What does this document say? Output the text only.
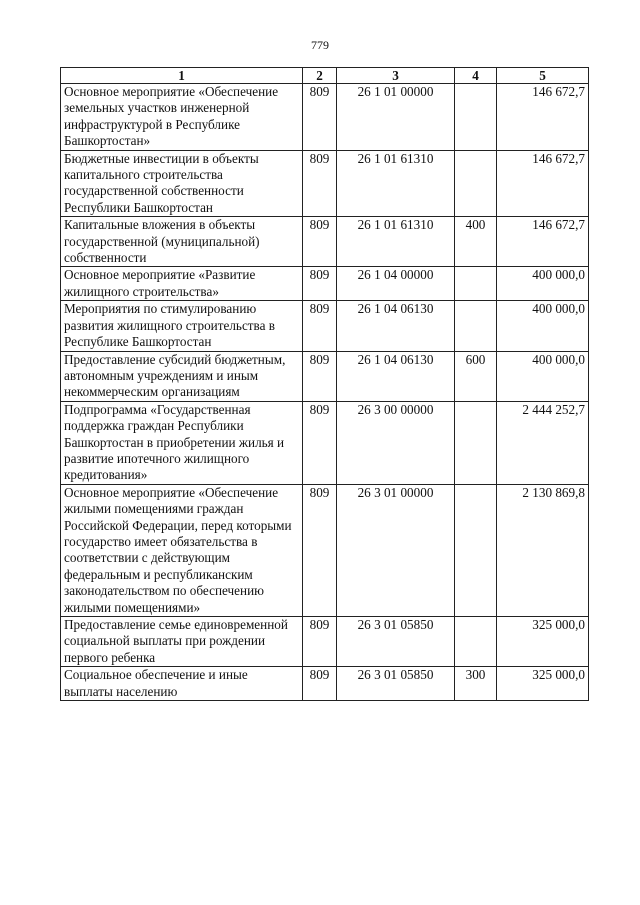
779
1	2	3	4	5
Основное мероприятие «Обеспечение земельных участков инженерной инфраструктурой в Республике Башкортостан»	809	26 1 01 00000		146 672,7
Бюджетные инвестиции в объекты капитального строительства государственной собственности Республики Башкортостан	809	26 1 01 61310		146 672,7
Капитальные вложения в объекты государственной (муниципальной) собственности	809	26 1 01 61310	400	146 672,7
Основное мероприятие «Развитие жилищного строительства»	809	26 1 04 00000		400 000,0
Мероприятия по стимулированию развития жилищного строительства в Республике Башкортостан	809	26 1 04 06130		400 000,0
Предоставление субсидий бюджетным, автономным учреждениям и иным некоммерческим организациям	809	26 1 04 06130	600	400 000,0
Подпрограмма «Государственная поддержка граждан Республики Башкортостан в приобретении жилья и развитие ипотечного жилищного кредитования»	809	26 3 00 00000		2 444 252,7
Основное мероприятие «Обеспечение жилыми помещениями граждан Российской Федерации, перед которыми государство имеет обязательства в соответствии с действующим федеральным и республиканским законодательством по обеспечению жилыми помещениями»	809	26 3 01 00000		2 130 869,8
Предоставление семье единовременной социальной выплаты при рождении первого ребенка	809	26 3 01 05850		325 000,0
Социальное обеспечение и иные выплаты населению	809	26 3 01 05850	300	325 000,0
